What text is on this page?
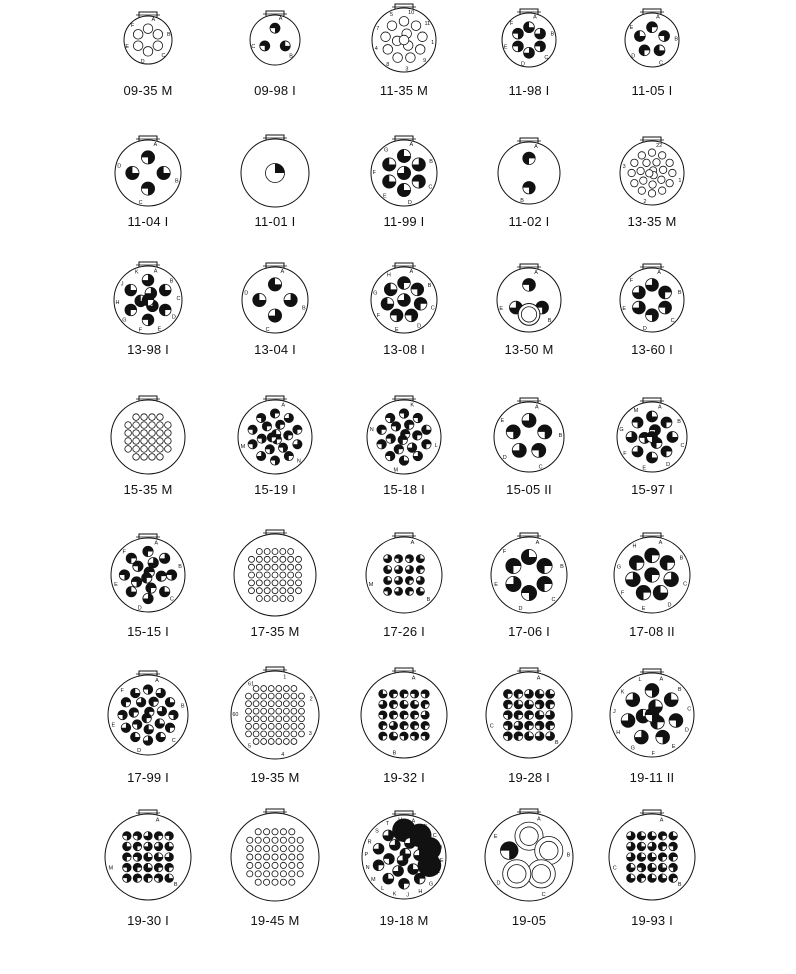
A
B
C
D
E
F
09-35 M
A
B
C
09-98 I
10
11
1
9
3
8
4
7
5
11-35 M
A
B
C
D
E
F
11-98 I
A
B
C
D
E
11-05 I
A
B
C
D
11-04 I	11-01 I
A
B
C
D
E
F
G
11-99 I
A
B
11-02 I
22
1
2
3
13-35 M
A
B
C
D
E
F
G
H
J
K
13-98 I
A
B
C
D
13-04 I
A
B
C
D
E
F
G
H
13-08 I
A
B
E
13-50 M
A
B
C
D
E
F
13-60 I
15-35 M
A
N
M
15-19 I
K
L
M
N
15-18 I
A
B
C
D
E
15-05 II
A
B
C
D
E
F
G
M
15-97 I
A
B
C
D
E
F
15-15 I	17-35 M
A
B
M
17-26 I
A
B
C
D
E
F
17-06 I
A
B
C
D
E
F
G
H
17-08 II
A
B
C
D
E
F
17-99 I
1
2
3
4
5
60
61
19-35 M
A
B
19-32 I
A
B
C
19-28 I
A
B
C
D
E
F
G
H
J
K
L
19-11 II
A
B
M
19-30 I	19-45 M
A
B
C
D
E
F
G
H
J
K
L
M
N
P
R
S
T
U
19-18 M
A
B
C
D
E
19-05
A
B
C
19-93 I
